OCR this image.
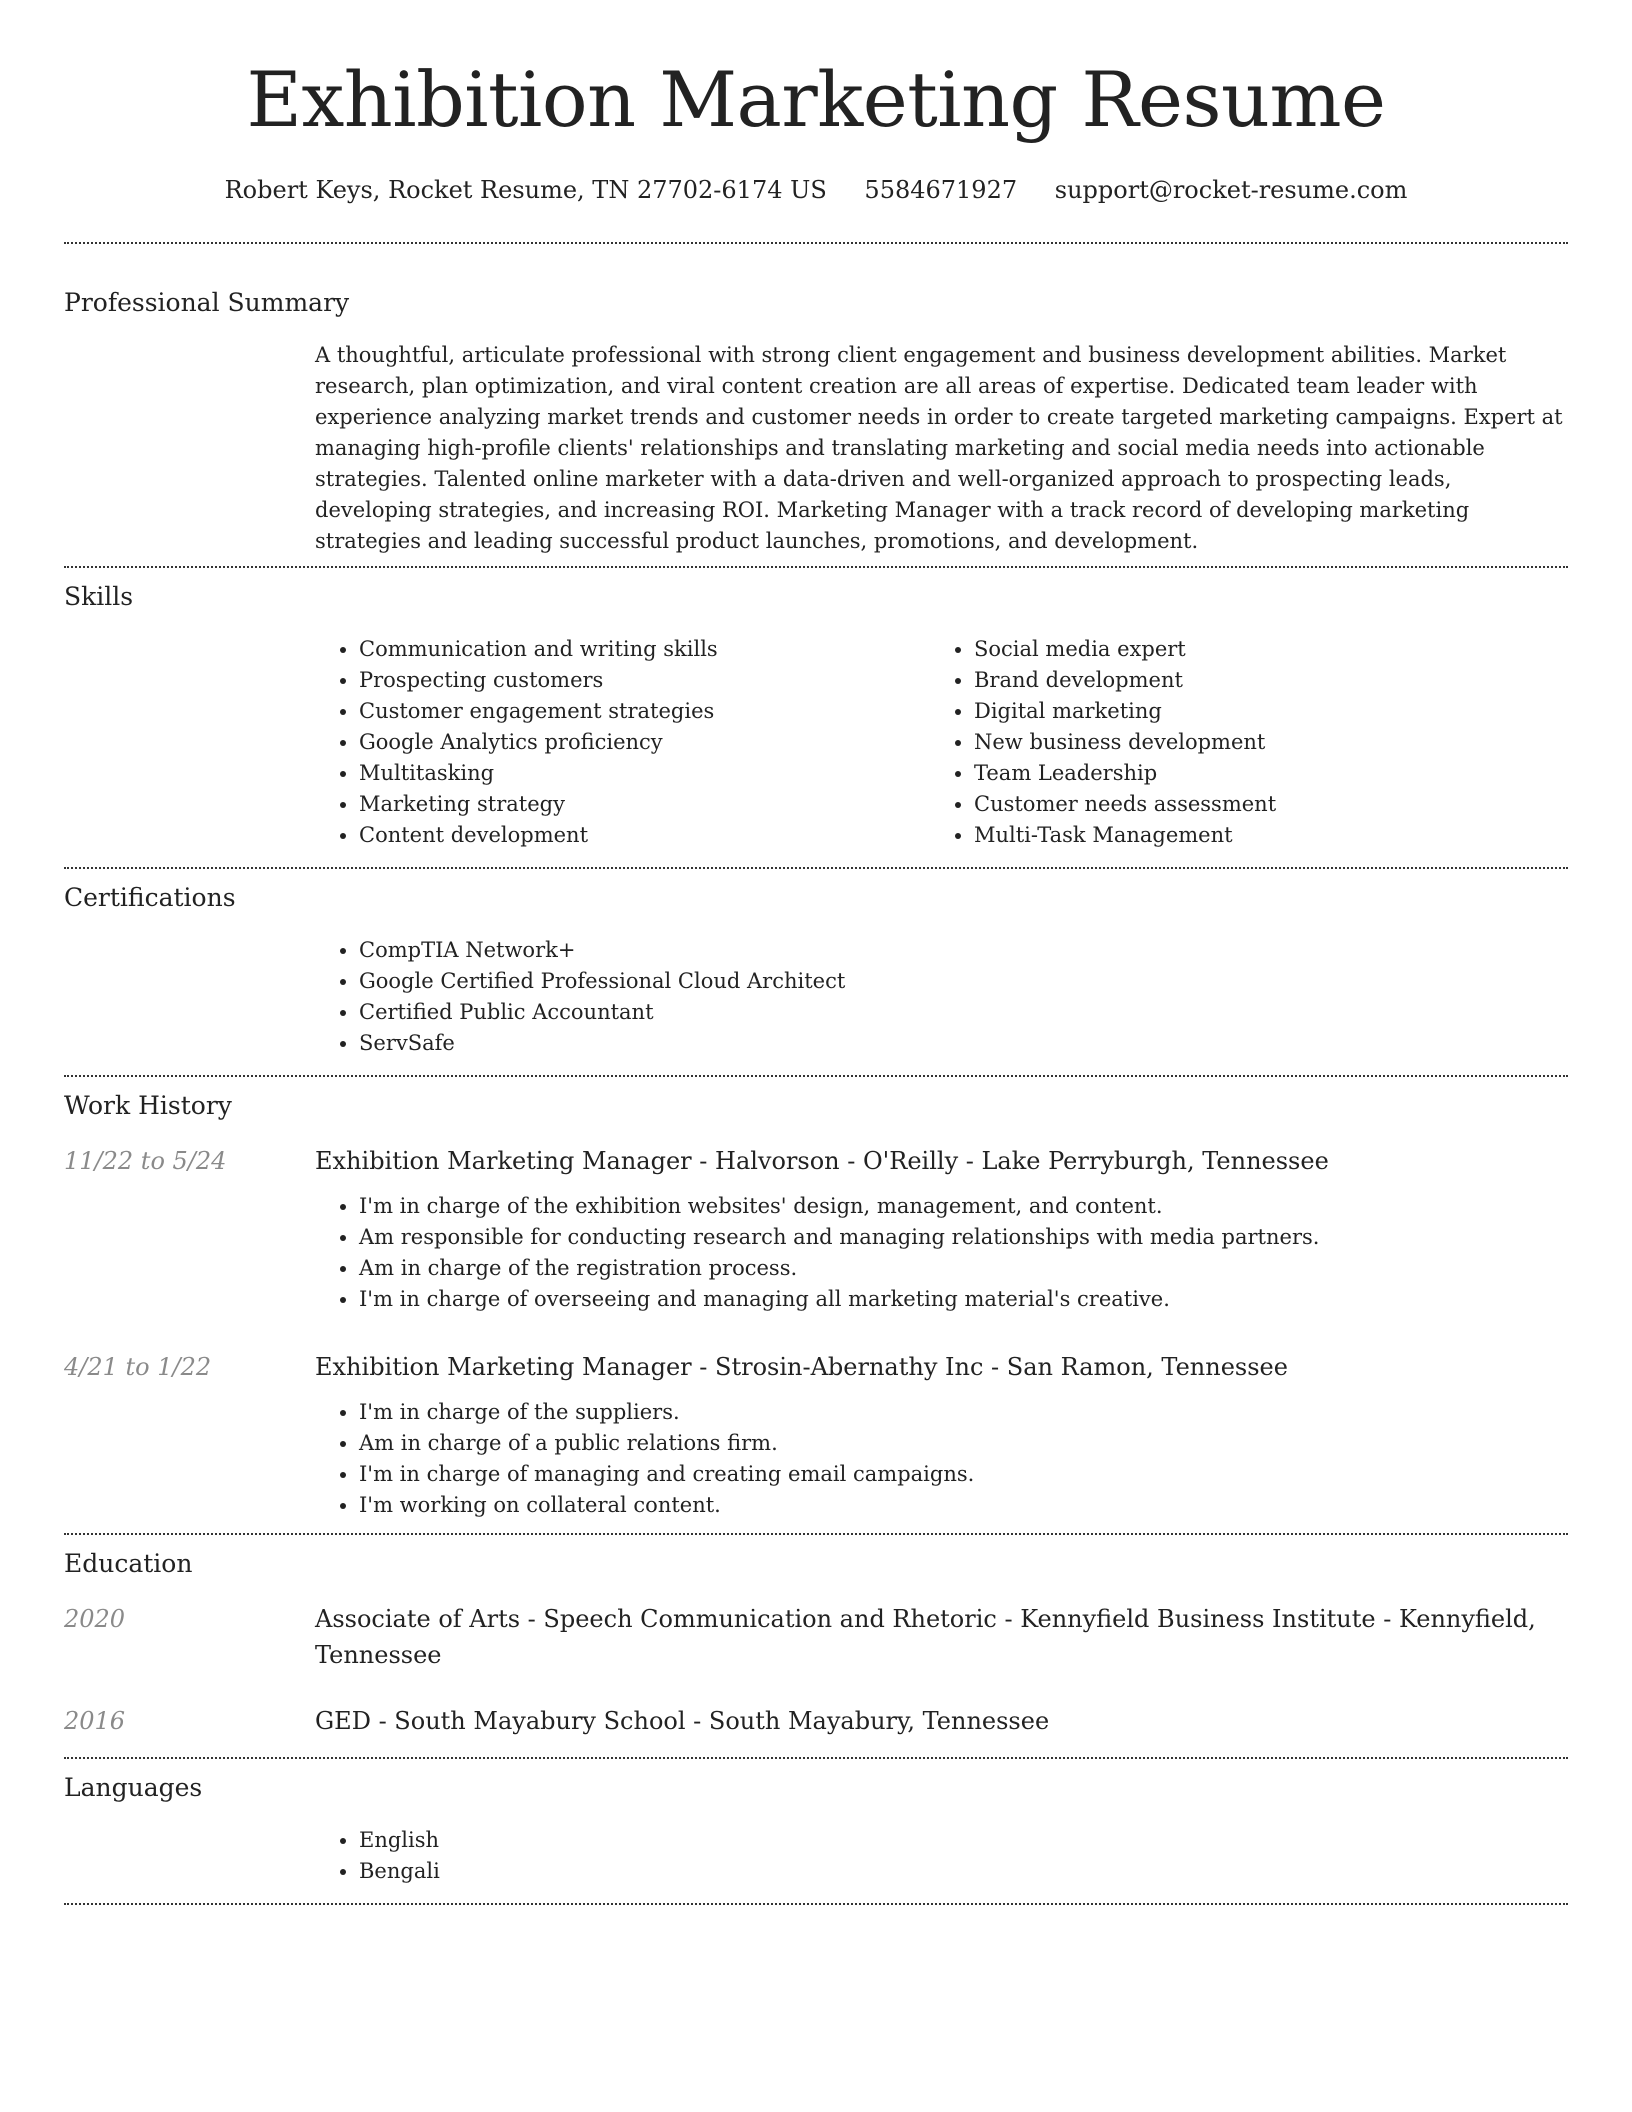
Exhibition Marketing Resume
Robert Keys, Rocket Resume, TN 27702-6174 US 5584671927 support@rocket-resume.com
Professional Summary

A thoughtful, articulate professional with strong client engagement and business development abilities. Market research, plan optimization, and viral content creation are all areas of expertise. Dedicated team leader with experience analyzing market trends and customer needs in order to create targeted marketing campaigns. Expert at managing high-profile clients' relationships and translating marketing and social media needs into actionable strategies. Talented online marketer with a data-driven and well-organized approach to prospecting leads, developing strategies, and increasing ROI. Marketing Manager with a track record of developing marketing strategies and leading successful product launches, promotions, and development.

Skills
• Communication and writing skills
• Prospecting customers
• Customer engagement strategies
• Google Analytics proficiency
• Multitasking
• Marketing strategy
• Content development
• Social media expert
• Brand development
• Digital marketing
• New business development
• Team Leadership
• Customer needs assessment
• Multi-Task Management
Certifications
• CompTIA Network+
• Google Certified Professional Cloud Architect
• Certified Public Accountant
• ServSafe
Work History
11/22 to 5/24	Exhibition Marketing Manager - Halvorson - O'Reilly - Lake Perryburgh, Tennessee
• I'm in charge of the exhibition websites' design, management, and content.
• Am responsible for conducting research and managing relationships with media partners.
• Am in charge of the registration process.
• I'm in charge of overseeing and managing all marketing material's creative.
4/21 to 1/22	Exhibition Marketing Manager - Strosin-Abernathy Inc - San Ramon, Tennessee
• I'm in charge of the suppliers.
• Am in charge of a public relations firm.
• I'm in charge of managing and creating email campaigns.
• I'm working on collateral content.
Education
2020	Associate of Arts - Speech Communication and Rhetoric - Kennyfield Business Institute - Kennyfield, Tennessee
2016	GED - South Mayabury School - South Mayabury, Tennessee
Languages
• English
• Bengali
